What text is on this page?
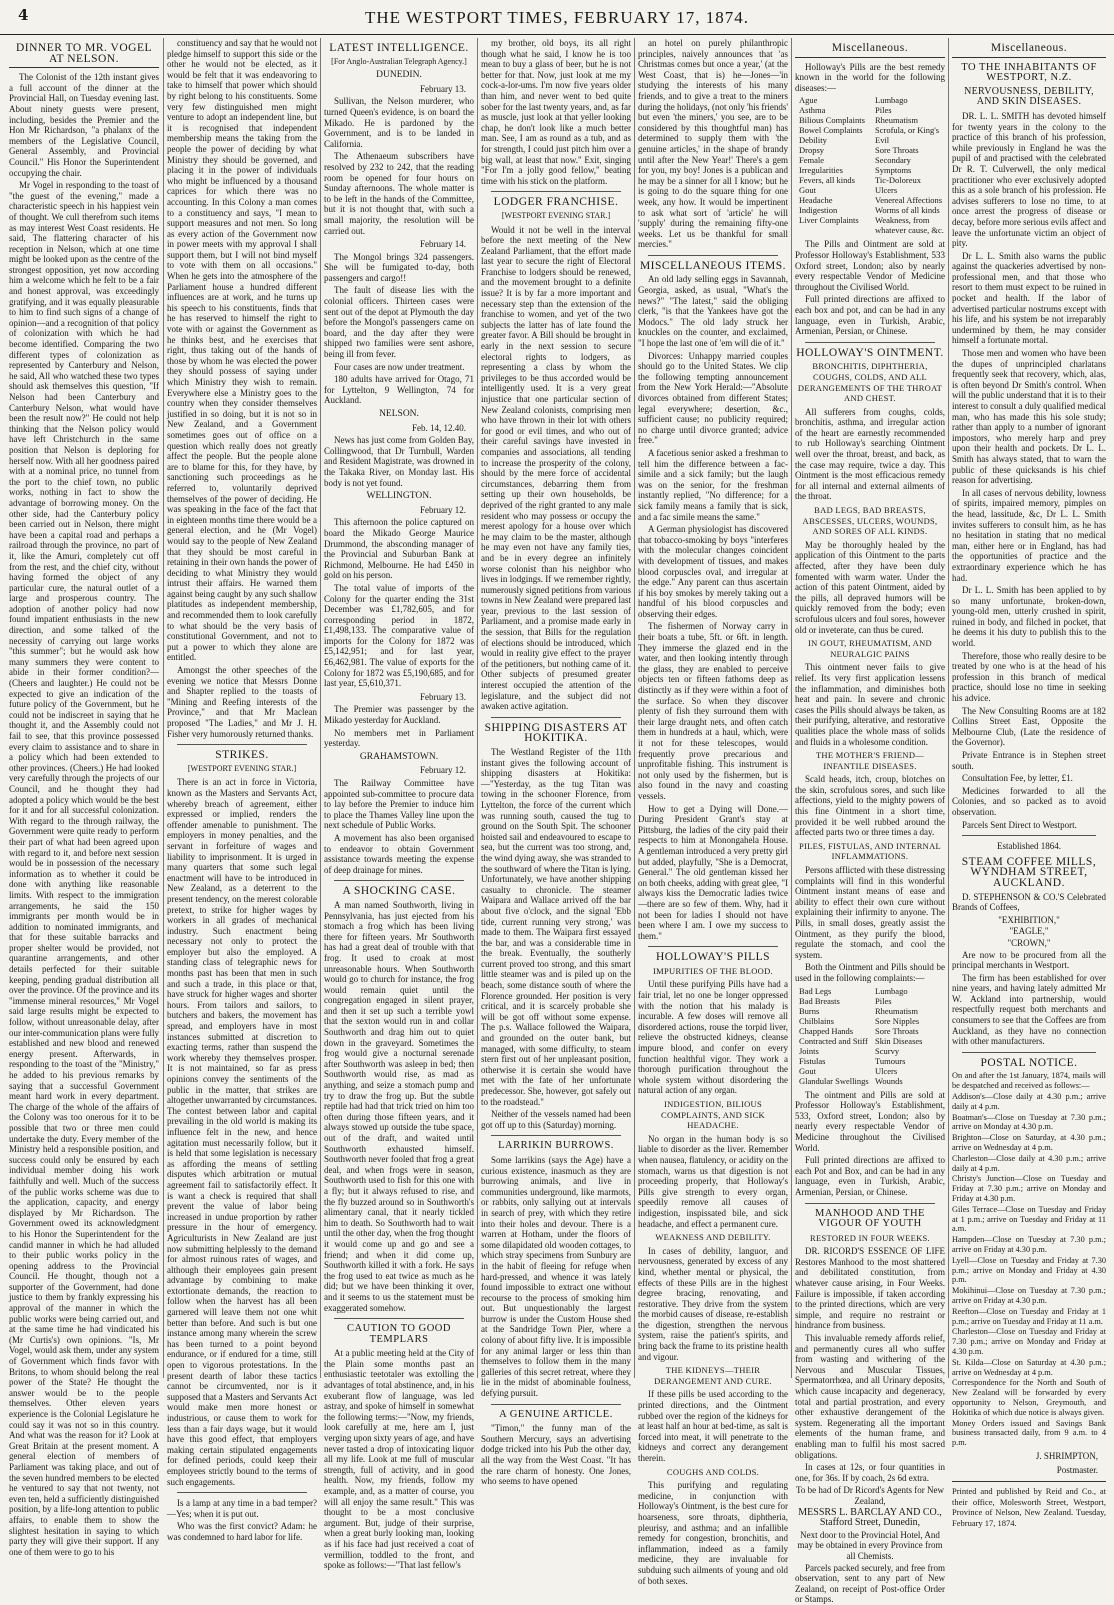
4	THE WESTPORT TIMES, FEBRUARY 17, 1874.
DINNER TO MR. VOGEL AT NELSON.

The Colonist of the 12th instant gives a full account of the dinner at the Provincial Hall, on Tuesday evening last. About ninety guests were present, including, besides the Premier and the Hon Mr Richardson, "a phalanx of the members of the Legislative Council, General Assembly, and Provincial Council." His Honor the Superintendent occupying the chair.

Mr Vogel in responding to the toast of "the guest of the evening," made a characteristic speech in his happiest vein of thought. We cull therefrom such items as may interest West Coast residents. He said, The flattering character of his reception in Nelson, which at one time might be looked upon as the centre of the strongest opposition, yet now according him a welcome which he felt to be a fair and honest approval, was exceedingly gratifying, and it was equally pleasurable to him to find such signs of a change of opinion—and a recognition of that policy of colonization with which he had become identified. Comparing the two different types of colonization as represented by Canterbury and Nelson, he said, All who watched these two types should ask themselves this question, "If Nelson had been Canterbury and Canterbury Nelson, what would have been the result now?" He could not help thinking that the Nelson policy would have left Christchurch in the same position that Nelson is deploring for herself now. With all her goodness paired with at a nominal price, no tunnel from the port to the chief town, no public works, nothing in fact to show the advantage of borrowing money. On the other side, had the Canterbury policy been carried out in Nelson, there might have been a capital road and perhaps a railroad through the province, no part of it, like the Amuri, completely cut off from the rest, and the chief city, without having formed the object of any particular cure, the natural outlet of a large and prosperous country. The adoption of another policy had now found impatient enthusiasts in the new direction, and some talked of the necessity of carrying out large works "this summer"; but he would ask how many summers they were content to abide in their former condition?— (Cheers and laughter.) He could not be expected to give an indication of the future policy of the Government, but he could not be indiscreet in saying that he thought it, and the Assembly could not fail to see, that this province possessed every claim to assistance and to share in a policy which had been extended to other provinces. (Cheers.) He had looked very carefully through the projects of our Council, and he thought they had adopted a policy which would be the best for it and for all successful colonization. With regard to the through railway, the Government were quite ready to perform their part of what had been agreed upon with regard to it, and before next session would be in possession of the necessary information as to whether it could be done with anything like reasonable limits. With respect to the immigration arrangements, he said the 150 immigrants per month would be in addition to nominated immigrants, and that for these suitable barracks and proper shelter would be provided, not quarantine arrangements, and other details perfected for their suitable keeping, pending gradual distribution all over the province. Of the province and its "immense mineral resources," Mr Vogel said large results might be expected to follow, without unreasonable delay, after our inter-communication plans were fully established and new blood and renewed energy present. Afterwards, in responding to the toast of the "Ministry," he added to his previous remarks by saying that a successful Government meant hard work in every department. The charge of the whole of the affairs of the Colony was too onerous for it to be possible that two or three men could undertake the duty. Every member of the Ministry held a responsible position, and success could only be ensured by each individual member doing his work faithfully and well. Much of the success of the public works scheme was due to the application, capacity, and energy displayed by Mr Richardson. The Government owed its acknowledgment to his Honor the Superintendent for the candid manner in which he had alluded to their public works policy in the opening address to the Provincial Council. He thought, though not a supporter of the Government, had done justice to them by frankly expressing his approval of the manner in which the public works were being carried out, and at the same time he had vindicated his (Mr Curtis's) own opinions. "Is, Mr Vogel, would ask them, under any system of Government which finds favor with Britons, to whom should belong the real power of the State? He thought the answer would be to the people themselves. Other eleven years experience is the Colonial Legislature he could say it was not so in this country. And what was the reason for it? Look at Great Britain at the present moment. A general election of members of Parliament was taking place, and out of the seven hundred members to be elected he ventured to say that not twenty, not even ten, held a sufficiently distinguished position, by a life-long attention to public affairs, to enable them to show the slightest hesitation in saying to which party they will give their support. If any one of them were to go to his

constituency and say that he would not pledge himself to support this side or the other he would not be elected, as it would be felt that it was endeavoring to take to himself that power which should by right belong to his constituents. Some very few distinguished men might venture to adopt an independent line, but it is recognised that independent membership means the taking from the people the power of deciding by what Ministry they should be governed, and placing it in the power of individuals who might be influenced by a thousand caprices for which there was no accounting. In this Colony a man comes to a constituency and says, "I mean to support measures and not men. So long as every action of the Government now in power meets with my approval I shall support them, but I will not bind myself to vote with them on all occasions." When he gets into the atmosphere of the Parliament house a hundred different influences are at work, and he turns up his speech to his constituents, finds that he has reserved to himself the right to vote with or against the Government as he thinks best, and he exercises that right, thus taking out of the hands of those by whom he was elected the power they should possess of saying under which Ministry they wish to remain. Everywhere else a Ministry goes to the country when they consider themselves justified in so doing, but it is not so in New Zealand, and a Government sometimes goes out of office on a question which really does not greatly affect the people. But the people alone are to blame for this, for they have, by sanctioning such proceedings as he referred to, voluntarily deprived themselves of the power of deciding. He was speaking in the face of the fact that in eighteen months time there would be a general election, and he (Mr Vogel) would say to the people of New Zealand that they should be most careful in retaining in their own hands the power of deciding to what Ministry they would intrust their affairs. He warned them against being caught by any such shallow platitudes as independent membership, and recommended them to look carefully to what should be the very basis of constitutional Government, and not to put a power to which they alone are entitled.

Amongst the other speeches of the evening we notice that Messrs Donne and Shapter replied to the toasts of "Mining and Reefing interests of the Province," and that Mr Maclean proposed "The Ladies," and Mr J. H. Fisher very humorously returned thanks.

STRIKES.
[WESTPORT EVENING STAR.]

There is an act in force in Victoria, known as the Masters and Servants Act, whereby breach of agreement, either expressed or implied, renders the offender amenable to punishment. The employers in money penalties, and the servant in forfeiture of wages and liability to imprisonment. It is urged in many quarters that some such legal enactment will have to be introduced in New Zealand, as a deterrent to the present tendency, on the merest colorable pretext, to strike for higher wages by workers in all grades of mechanical industry. Such enactment being necessary not only to protect the employer but also the employed. A standing class of telegraphic news for months past has been that men in such and such a trade, in this place or that, have struck for higher wages and shorter hours. From tailors and sailors, to butchers and bakers, the movement has spread, and employers have in most instances submitted at discretion to exacting terms, rather than suspend the work whereby they themselves prosper. It is not maintained, so far as press opinions convey the sentiments of the public in the matter, that strikes are altogether unwarranted by circumstances. The contest between labor and capital prevailing in the old world is making its influence felt in the new, and hence agitation must necessarily follow, but it is held that some legislation is necessary as affording the means of settling disputes which arbitration or mutual agreement fail to satisfactorily effect. It is want a check is required that shall prevent the value of labor being increased in undue proportion by rather pressure in the hour of emergency. Agriculturists in New Zealand are just now submitting helplessly to the demand for almost ruinous rates of wages, and although their employees gain present advantage by combining to make extortionate demands, the reaction to follow when the harvest has all been garnered will leave them not one whit better than before. And such is but one instance among many wherein the screw has been turned to a point beyond endurance, or if endured for a time, still open to vigorous protestations. In the present dearth of labor these tactics cannot be circumvented, nor is it supposed that a Masters and Servants Act would make men more honest or industrious, or cause them to work for less than a fair days wage, but it would have this good effect, that employers making certain stipulated engagements for defined periods, could keep their employees strictly bound to the terms of such engagements.

Is a lamp at any time in a bad temper?—Yes; when it is put out.

Who was the first convict? Adam: he was condemned to hard labor for life.

LATEST INTELLIGENCE.
[For Anglo-Australian Telegraph Agency.]
DUNEDIN.
February 13.

Sullivan, the Nelson murderer, who turned Queen's evidence, is on board the Mikado. He is pardoned by the Government, and is to be landed in California.

The Athenaeum subscribers have resolved by 232 to 242, that the reading room be opened for four hours on Sunday afternoons. The whole matter is to be left in the hands of the Committee, but it is not thought that, with such a small majority, the resolution will be carried out.

February 14.

The Mongol brings 324 passengers. She will be fumigated to-day, both passengers and cargo!!

The fault of disease lies with the colonial officers. Thirteen cases were sent out of the depot at Plymouth the day before the Mongol's passengers came on board, and the day after they were shipped two families were sent ashore, being ill from fever.

Four cases are now under treatment.

180 adults have arrived for Otago, 71 for Lyttelton, 9 Wellington, 74 for Auckland.

NELSON.
Feb. 14, 12.40.

News has just come from Golden Bay, Collingwood, that Dr Turnbull, Warden and Resident Magistrate, was drowned in the Takaka River, on Monday last. His body is not yet found.

WELLINGTON.
February 12.

This afternoon the police captured on board the Mikado George Maurice Drummond, the absconding manager of the Provincial and Suburban Bank at Richmond, Melbourne. He had £450 in gold on his person.

The total value of imports of the Colony for the quarter ending the 31st December was £1,782,605, and for corresponding period in 1872, £1,498,133. The comparative value of imports for the Colony for 1872 was £5,142,951; and for last year, £6,462,981. The value of exports for the Colony for 1872 was £5,190,685, and for last year, £5,610,371.

February 13.

The Premier was passenger by the Mikado yesterday for Auckland.

No members met in Parliament yesterday.

GRAHAMSTOWN.
February 12.

The Railway Committee have appointed sub-committee to procure data to lay before the Premier to induce him to place the Thames Valley line upon the next schedule of Public Works.

A movement has also been organised to endeavor to obtain Government assistance towards meeting the expense of deep drainage for mines.

A SHOCKING CASE.

A man named Southworth, living in Pennsylvania, has just ejected from his stomach a frog which has been living there for fifteen years. Mr Southworth has had a great deal of trouble with that frog. It used to croak at most unreasonable hours. When Southworth would go to church for instance, the frog would remain quiet until the congregation engaged in silent prayer, and then it set up such a terrible yowl that the sexton would run in and collar Southworth and drag him out to quiet down in the graveyard. Sometimes the frog would give a nocturnal serenade after Southworth was asleep in bed; then Southworth would rise, as mad as anything, and seize a stomach pump and try to draw the frog up. But the subtle reptile had had that trick tried on him too often during those fifteen years, and it always stowed up outside the tube space, out of the draft, and waited until Southworth exhausted himself. Southworth never fooled that frog a great deal, and when frogs were in season, Southworth used to fish for this one with a fly; but it always refused to rise, and the fly buzzed around so in Southworth's alimentary canal, that it nearly tickled him to death. So Southworth had to wait until the other day, when the frog thought it would come up and go and see a friend; and when it did come up, Southworth killed it with a fork. He says the frog used to eat twice as much as he did; but we have been thinking it over, and it seems to us the statement must be exaggerated somehow.

CAUTION TO GOOD TEMPLARS

At a public meeting held at the City of the Plain some months past an enthusiastic teetotaler was extolling the advantages of total abstinence, and, in his exuberant flow of language, was led astray, and spoke of himself in somewhat the following terms:—"Now, my friends, look carefully at me, here am I, just verging upon sixty years of age, and have never tasted a drop of intoxicating liquor all my life. Look at me full of muscular strength, full of activity, and in good health. Now, my friends, follow my example, and, as a matter of course, you will all enjoy the same result." This was thought to be a most conclusive argument. But, judge of their surprise, when a great burly looking man, looking as if his face had just received a coat of vermillion, toddled to the front, and spoke as follows:—"That last fellow's

my brother, old boys, its all right though what he said, I know he is too mean to buy a glass of beer, but he is not better for that. Now, just look at me my cock-a-lor-ums. I'm now five years older than him, and never went to bed quite sober for the last twenty years, and, as far as muscle, just look at that yeller looking chap, he don't look like a much better man. See, I am as round as a tub, and as for strength, I could just pitch him over a big wall, at least that now." Exit, singing "For I'm a jolly good fellow," beating time with his stick on the platform.

LODGER FRANCHISE.
[WESTPORT EVENING STAR.]

Would it not be well in the interval before the next meeting of the New Zealand Parliament, that the effort made last year to secure the right of Electoral Franchise to lodgers should be renewed, and the movement brought to a definite issue? It is by far a more important and necessary step than the extension of the franchise to women, and yet of the two subjects the latter has of late found the greater favor. A Bill should be brought in early in the next session to secure electoral rights to lodgers, as representing a class by whom the privileges to be thus accorded would be intelligently used. It is a very great injustice that one particular section of New Zealand colonists, comprising men who have thrown in their lot with others for good or evil times, and who out of their careful savings have invested in companies and associations, all tending to increase the prosperity of the colony, should by the mere force of accidental circumstances, debarring them from setting up their own households, be deprived of the right granted to any male resident who may possess or occupy the merest apology for a house over which he may claim to be the master, although he may even not have any family ties, and be in every degree an infinitely worse colonist than his neighbor who lives in lodgings. If we remember rightly, numerously signed petitions from various towns in New Zealand were prepared last year, previous to the last session of Parliament, and a promise made early in the session, that Bills for the regulation of elections should be introduced, which would in reality give effect to the prayer of the petitioners, but nothing came of it. Other subjects of presumed greater interest occupied the attention of the legislature, and the subject did not awaken active agitation.

SHIPPING DISASTERS AT HOKITIKA.

The Westland Register of the 11th instant gives the following account of shipping disasters at Hokitika:—"Yesterday, as the tug Titan was towing in the schooner Florence, from Lyttelton, the force of the current which was running south, caused the tug to ground on the South Spit. The schooner hoisted sail and endeavoured to escape to sea, but the current was too strong, and, the wind dying away, she was stranded to the southward of where the Titan is lying. Unfortunately, we have another shipping casualty to chronicle. The steamer Waipara and Wallace arrived off the bar about five o'clock, and the signal 'Ebb tide, current running very strong,' was made to them. The Waipara first essayed the bar, and was a considerable time in the break. Eventually, the southerly current proved too strong, and this smart little steamer was and is piled up on the beach, some distance south of where the Florence grounded. Her position is very critical, and it is scarcely probable she will be got off without some expense. The p.s. Wallace followed the Waipara, and grounded on the outer bank, but managed, with some difficulty, to steam stern first out of her unpleasant position, otherwise it is certain she would have met with the fate of her unfortunate predecessor. She, however, got safely out to the roadstead."

Neither of the vessels named had been got off up to this (Saturday) morning.

LARRIKIN BURROWS.

Some larrikins (says the Age) have a curious existence, inasmuch as they are burrowing animals, and live in communities underground, like marmots, or rabbits, only sallying out at intervals in search of prey, with which they retire into their holes and devour. There is a warren at Hotham, under the floors of some dilapidated old wooden cottages, to which stray specimens from Sunbury are in the habit of fleeing for refuge when hard-pressed, and whence it was lately found impossible to extract one without recourse to the process of smoking him out. But unquestionably the largest burrow is under the Custom House shed at the Sandridge Town Pier, where a colony of about fifty live. It is impossible for any animal larger or less thin than themselves to follow them in the many galleries of this secret retreat, where they lie in the midst of abominable foulness, defying pursuit.

A GENUINE ARTICLE.

"Timon," the funny man of the Southern Mercury, says an advertising dodge tricked into his Pub the other day, all the way from the West Coast. "It has the rare charm of honesty. One Jones, who seems to have opened

an hotel on purely philanthropic principles, naively announces that 'as Christmas comes but once a year,' (at the West Coast, that is) he—Jones—'in studying the interests of his many friends, and to give a treat to the miners during the holidays, (not only 'his friends' but even 'the miners,' you see, are to be considered by this thoughtful man) has determined to supply them with 'the genuine articles,' in the shape of brandy until after the New Year!' There's a gem for you, my boy! Jones is a publican and he may be a sinner for all I know; but he is going to do the square thing for one week, any how. It would be impertinent to ask what sort of 'article' he will 'supply' during the remaining fifty-one weeks. Let us be thankful for small mercies."

MISCELLANEOUS ITEMS.

An old lady selling eggs in Savannah, Georgia, asked, as usual, "What's the news?" "The latest," said the obliging clerk, "is that the Yankees have got the Modocs." The old lady struck her knuckles on the counter, and exclaimed, "I hope the last one of 'em will die of it."

Divorces: Unhappy married couples should go to the United States. We clip the following tempting announcement from the New York Herald:—"Absolute divorces obtained from different States; legal everywhere; desertion, &c., sufficient cause; no publicity required; no charge until divorce granted; advice free."

A facetious senior asked a freshman to tell him the difference between a fac-simile and a sick family; but the laugh was on the senior, for the freshman instantly replied, "No difference; for a sick family means a family that is sick, and a fac simile means the same."

A German physiologist has discovered that tobacco-smoking by boys "interferes with the molecular changes coincident with development of tissues, and makes blood corpuscles oval, and irregular at the edge." Any parent can thus ascertain if his boy smokes by merely taking out a handful of his blood corpuscles and observing their edges.

The fishermen of Norway carry in their boats a tube, 5ft. or 6ft. in length. They immerse the glazed end in the water, and then looking intently through the glass, they are enabled to perceive objects ten or fifteen fathoms deep as distinctly as if they were within a foot of the surface. So when they discover plenty of fish they surround them with their large draught nets, and often catch them in hundreds at a haul, which, were it not for these telescopes, would frequently prove precarious and unprofitable fishing. This instrument is not only used by the fishermen, but is also found in the navy and coasting vessels.

How to get a Dying will Done.—During President Grant's stay at Pittsburg, the ladies of the city paid their respects to him at Monongahela House. A gentleman introduced a very pretty girl but added, playfully, "She is a Democrat, General." The old gentleman kissed her on both cheeks, adding with great glee, "I always kiss the Democratic ladies twice—there are so few of them. Why, had it not been for ladies I should not have been where I am. I owe my success to them."

HOLLOWAY'S PILLS
IMPURITIES OF THE BLOOD.

Until these purifying Pills have had a fair trial, let no one be longer oppressed with the notion that his malady is incurable. A few doses will remove all disordered actions, rouse the torpid liver, relieve the obstructed kidneys, cleanse impure blood, and confer on every function healthful vigor. They work a thorough purification throughout the whole system without disordering the natural action of any organ.

INDIGESTION, BILIOUS COMPLAINTS, AND SICK HEADACHE.

No organ in the human body is so liable to disorder as the liver. Remember when nausea, flatulency, or acidity on the stomach, warns us that digestion is not proceeding properly, that Holloway's Pills give strength to every organ, speedily remove all causes of indigestion, inspissated bile, and sick headache, and effect a permanent cure.

WEAKNESS AND DEBILITY.

In cases of debility, languor, and nervousness, generated by excess of any kind, whether mental or physical, the effects of these Pills are in the highest degree bracing, renovating, and restorative. They drive from the system the morbid causes of disease, re-establish the digestion, strengthen the nervous system, raise the patient's spirits, and bring back the frame to its pristine health and vigour.

THE KIDNEYS—THEIR DERANGEMENT AND CURE.

If these pills be used according to the printed directions, and the Ointment rubbed over the region of the kidneys for at least half an hour at bed-time, as salt is forced into meat, it will penetrate to the kidneys and correct any derangement therein.

COUGHS AND COLDS.

This purifying and regulating medicine, in conjunction with Holloway's Ointment, is the best cure for hoarseness, sore throats, diphtheria, pleurisy, and asthma; and an infallible remedy for congestion, bronchitis, and inflammation, indeed as a family medicine, they are invaluable for subduing such ailments of young and old of both sexes.

Miscellaneous.

Holloway's Pills are the best remedy known in the world for the following diseases:—

Ague
Asthma
Bilious Complaints
Bowel Complaints
Debility
Dropsy
Female Irregularities
Fevers, all kinds
Gout
Headache
Indigestion
Liver Complaints
Lumbago
Piles
Rheumatism
Scrofula, or King's Evil
Sore Throats
Secondary Symptoms
Tic-Doloreux
Ulcers
Venereal Affections
Worms of all kinds
Weakness, from whatever cause, &c.

The Pills and Ointment are sold at Professor Holloway's Establishment, 533 Oxford street, London; also by nearly every respectable Vendor of Medicine throughout the Civilised World.

Full printed directions are affixed to each box and pot, and can be had in any language, even in Turkish, Arabic, Armenian, Persian, or Chinese.

HOLLOWAY'S OINTMENT.
BRONCHITIS, DIPHTHERIA, COUGHS, COLDS, AND ALL DERANGEMENTS OF THE THROAT AND CHEST.

All sufferers from coughs, colds, bronchitis, asthma, and irregular action of the heart are earnestly recommended to rub Holloway's searching Ointment well over the throat, breast, and back, as the case may require, twice a day. This Ointment is the most efficacious remedy for all internal and external ailments of the throat.

BAD LEGS, BAD BREASTS, ABSCESSES, ULCERS, WOUNDS, AND SORES OF ALL KINDS.

May be thoroughly healed by the application of this Ointment to the parts affected, after they have been duly fomented with warm water. Under the action of this patent Ointment, aided by the pills, all depraved humors will be quickly removed from the body; even scrofulous ulcers and foul sores, however old or inveterate, can thus be cured.

IN GOUT, RHEUMATISM, AND NEURALGIC PAINS

This ointment never fails to give relief. Its very first application lessens the inflammation, and diminishes both heat and pain. In severe and chronic cases the Pills should always be taken, as their purifying, alterative, and restorative qualities place the whole mass of solids and fluids in a wholesome condition.

THE MOTHER'S FRIEND—INFANTILE DISEASES.

Scald heads, itch, croup, blotches on the skin, scrofulous sores, and such like affections, yield to the mighty powers of this fine Ointment in a short time, provided it be well rubbed around the affected parts two or three times a day.

PILES, FISTULAS, AND INTERNAL INFLAMMATIONS.

Persons afflicted with these distressing complaints will find in this wonderful Ointment instant means of ease and ability to effect their own cure without explaining their infirmity to anyone. The Pills, in small doses, greatly assist the Ointment, as they purify the blood, regulate the stomach, and cool the system.

Both the Ointment and Pills should be used in the following complaints:—

Bad Legs
Bad Breasts
Burns
Chilblains
Chapped Hands
Contracted and Stiff Joints
Fistulas
Gout
Glandular Swellings
Lumbago
Piles
Rheumatism
Sore Nipples
Sore Throats
Skin Diseases
Scurvy
Tumours
Ulcers
Wounds

The ointment and Pills are sold at Professor Holloway's Establishment, 533, Oxford street, London; also by nearly every respectable Vendor of Medicine throughout the Civilised World.

Full printed directions are affixed to each Pot and Box, and can be had in any language, even in Turkish, Arabic, Armenian, Persian, or Chinese.

MANHOOD AND THE VIGOUR OF YOUTH
RESTORED IN FOUR WEEKS.

DR. RICORD'S ESSENCE OF LIFE Restores Manhood to the most shattered and debilitated constitution, from whatever cause arising, in Four Weeks. Failure is impossible, if taken according to the printed directions, which are very simple, and require no restraint or hindrance from business.

This invaluable remedy affords relief, and permanently cures all who suffer from wasting and withering of the Nervous and Muscular Tissues, Spermatorrhœa, and all Urinary deposits, which cause incapacity and degeneracy, total and partial prostration, and every other exhaustive derangement of the system. Regenerating all the important elements of the human frame, and enabling man to fulfil his most sacred obligations.

In cases at 12s, or four quantities in one, for 36s. If by coach, 2s 6d extra.

To be had of Dr Ricord's Agents for New Zealand,
MESSRS L. BARCLAY AND CO., Stafford Street, Dunedin,
Next door to the Provincial Hotel, And may be obtained in every Province from all Chemists.

Parcels packed securely, and free from observation, sent to any part of New Zealand, on receipt of Post-office Order or Stamps.

Miscellaneous.
TO THE INHABITANTS OF WESTPORT, N.Z.
NERVOUSNESS, DEBILITY, AND SKIN DISEASES.

DR. L. L. SMITH has devoted himself for twenty years in the colony to the practice of this branch of his profession, while previously in England he was the pupil of and practised with the celebrated Dr R. T. Culverwell, the only medical practitioner who ever exclusively adopted this as a sole branch of his profession. He advises sufferers to lose no time, to at once arrest the progress of disease or decay, before more serious evils affect and leave the unfortunate victim an object of pity.

Dr L. L. Smith also warns the public against the quackeries advertised by non-professional men, and that those who resort to them must expect to be ruined in pocket and health. If the labor of advertised particular nostrums except with his life, and his system be not irreparably undermined by them, he may consider himself a fortunate mortal.

Those men and women who have been the dupes of unprincipled charlatans frequently seek that recovery, which, alas, is often beyond Dr Smith's control. When will the public understand that it is to their interest to consult a duly qualified medical man, who has made this his sole study; rather than apply to a number of ignorant impostors, who merely harp and prey upon their health and pockets. Dr L. L. Smith has always stated, that to warn the public of these quicksands is his chief reason for advertising.

In all cases of nervous debility, lowness of spirits, impaired memory, pimples on the head, lassitude, &c, Dr L. L. Smith invites sufferers to consult him, as he has no hesitation in stating that no medical man, either here or in England, has had the opportunities of practice and the extraordinary experience which he has had.

Dr L. L. Smith has been applied to by so many unfortunate, broken-down, young-old men, utterly crushed in spirit, ruined in body, and filched in pocket, that he deems it his duty to publish this to the world.

Therefore, those who really desire to be treated by one who is at the head of his profession in this branch of medical practice, should lose no time in seeking his advice.

The New Consulting Rooms are at 182 Collins Street East, Opposite the Melbourne Club, (Late the residence of the Governor).

Private Entrance is in Stephen street south.

Consultation Fee, by letter, £1.

Medicines forwarded to all the Colonies, and so packed as to avoid observation.

Parcels Sent Direct to Westport.

Established 1864.
STEAM COFFEE MILLS, WYNDHAM STREET, AUCKLAND.

D. STEPHENSON & CO.'S Celebrated Brands of Coffees,

"EXHIBITION,"
"EAGLE,"
"CROWN,"

Are now to be procured from all the principal merchants in Westport.

The firm has been established for over nine years, and having lately admitted Mr W. Ackland into partnership, would respectfully request both merchants and consumers to see that the Coffees are from Auckland, as they have no connection with other manufacturers.

POSTAL NOTICE.

On and after the 1st January, 1874, mails will be despatched and received as follows:—

Addison's—Close daily at 4.30 p.m.; arrive daily at 4 p.m.

Boatman's—Close on Tuesday at 7.30 p.m.; arrive on Monday at 4.30 p.m.

Brighton—Close on Saturday, at 4.30 p.m.; arrive on Wednesday at 4 p.m.

Charleston—Close daily at 4.30 p.m.; arrive daily at 4 p.m.

Christy's Junction—Close on Tuesday and Friday at 7.30 p.m.; arrive on Monday and Friday at 4.30 p.m.

Giles Terrace—Close on Tuesday and Friday at 1 p.m.; arrive on Tuesday and Friday at 11 a.m.

Hampden—Close on Tuesday at 7.30 p.m.; arrive on Friday at 4.30 p.m.

Lyell—Close on Tuesday and Friday at 7.30 p.m.; arrive on Monday and Friday at 4.30 p.m.

Mokihinui—Close on Tuesday at 7.30 p.m.; arrive on Friday at 4.30 p.m.

Reefton—Close on Tuesday and Friday at 1 p.m.; arrive on Tuesday and Friday at 11 a.m.

Charleston—Close on Tuesday and Friday at 7.30 p.m.; arrive on Monday and Friday at 4.30 p.m.

St. Kilda—Close on Saturday at 4.30 p.m.; arrive on Wednesday at 4 p.m.

Correspondence for the North and South of New Zealand will be forwarded by every opportunity to Nelson, Greymouth, and Hokitika of which due notice is always given.

Money Orders issued and Savings Bank business transacted daily, from 9 a.m. to 4 p.m.

J. SHRIMPTON,
Postmaster.
Printed and published by Reid and Co., at their office, Molesworth Street, Westport, Province of Nelson, New Zealand. Tuesday, February 17, 1874.
